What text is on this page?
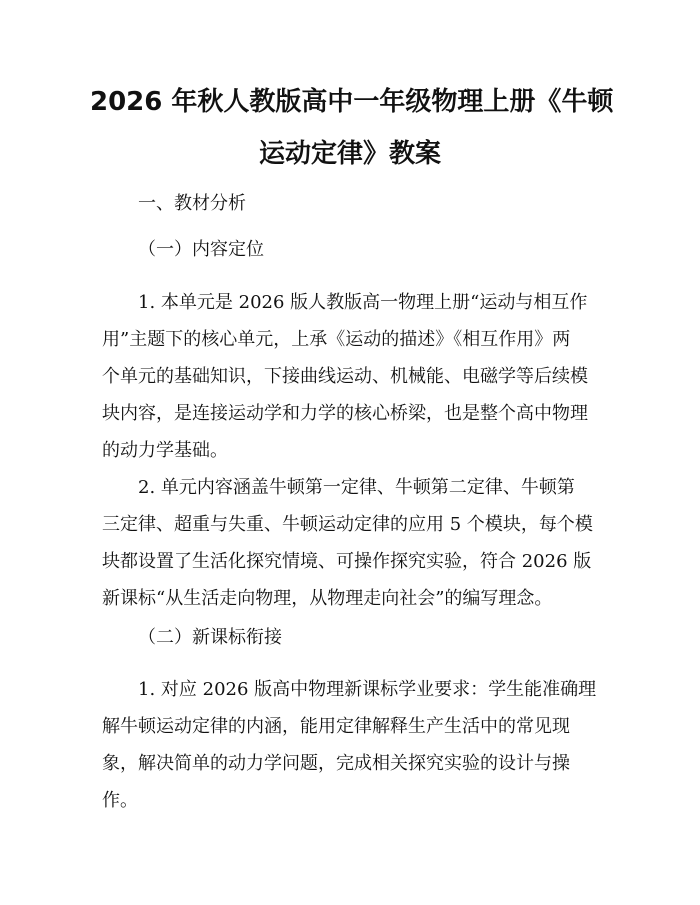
2026 年秋人教版高中一年级物理上册《牛顿
运动定律》教案

一、教材分析

（一）内容定位

1. 本单元是 2026 版人教版高一物理上册“运动与相互作
用”主题下的核心单元，上承《运动的描述》《相互作用》两
个单元的基础知识，下接曲线运动、机械能、电磁学等后续模
块内容，是连接运动学和力学的核心桥梁，也是整个高中物理
的动力学基础。
2. 单元内容涵盖牛顿第一定律、牛顿第二定律、牛顿第
三定律、超重与失重、牛顿运动定律的应用 5 个模块，每个模
块都设置了生活化探究情境、可操作探究实验，符合 2026 版
新课标“从生活走向物理，从物理走向社会”的编写理念。

（二）新课标衔接

1. 对应 2026 版高中物理新课标学业要求：学生能准确理
解牛顿运动定律的内涵，能用定律解释生产生活中的常见现
象，解决简单的动力学问题，完成相关探究实验的设计与操
作。
